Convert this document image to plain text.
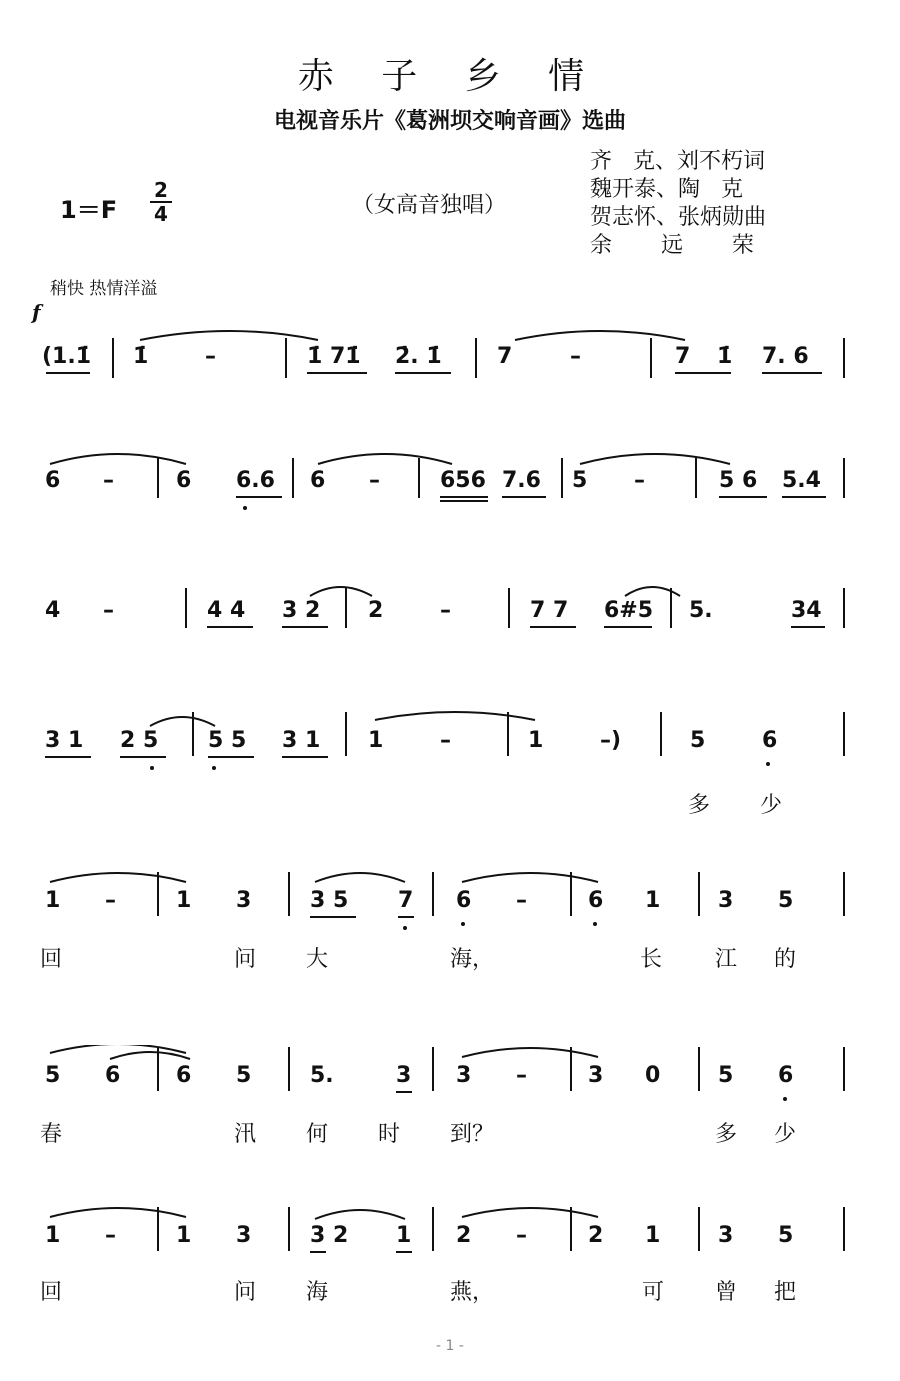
赤 子 乡 情
电视音乐片《葛洲坝交响音画》选曲
1＝F
2
4	（女高音独唱）
齐   克、刘不朽词
魏开泰、陶   克
贺志怀、张炳勋曲
余       远       荣
稍快 热情洋溢
f
(1.1̇ 1̇	–	1̇ 71̇ 2̇. 1̇	7	–	7 1̇ 7. 6
6 –	6 6.6 6 –	656 7.6 5 –	5 6 5.4
4 –	4 4 3 2 2	–	7 7 6#5 5.	34
3 1 2 5 5 5 3 1 1	–	1	–)	5	6
多 少
1 –	1 3	3 5 7 6 –	6 1	3 5
回	问 大	海，	长 江 的
5 6	6 5	5.	3 3 –	3 0	5 6
春	汛 何 时 到？	多 少
1 –	1 3	3 2 1 2 –	2 1	3 5
回	问 海	燕，	可 曾 把
- 1 -
